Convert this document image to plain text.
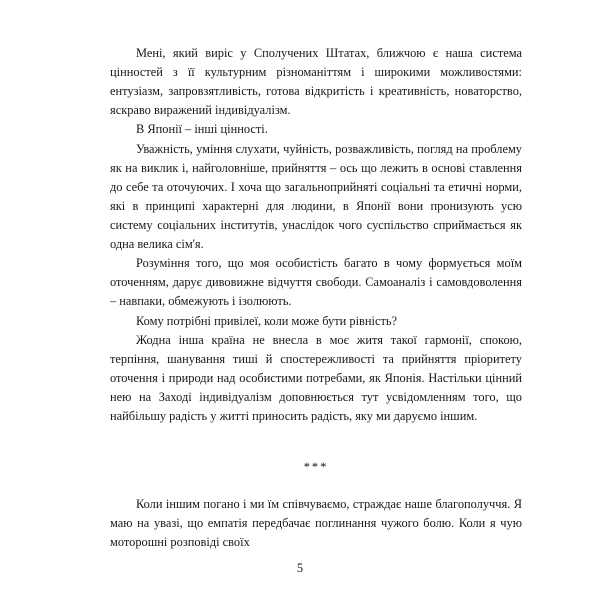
Мені, який виріс у Сполучених Штатах, ближчою є наша система цінностей з її культурним різноманіттям і широкими можливостями: ентузіазм, запровзятливість, готова відкритість і креативність, новаторство, яскраво виражений індивідуалізм.

В Японії – інші цінності.

Уважність, уміння слухати, чуйність, розважливість, погляд на проблему як на виклик і, найголовніше, прийняття – ось що лежить в основі ставлення до себе та оточуючих. І хоча що загальноприйняті соціальні та етичні норми, які в принципі характерні для людини, в Японії вони пронизують усю систему соціальних інститутів, унаслідок чого суспільство сприймається як одна велика сім'я.

Розуміння того, що моя особистість багато в чому формується моїм оточенням, дарує дивовижне відчуття свободи. Самоаналіз і самовдоволення – навпаки, обмежують і ізолюють.

Кому потрібні привілеї, коли може бути рівність?

Жодна інша країна не внесла в моє житя такої гармонії, спокою, терпіння, шанування тиші й спостережливості та прийняття пріоритету оточення і природи над особистими потребами, як Японія. Настільки цінний нею на Заході індивідуалізм доповнюється тут усвідомленням того, що найбільшу радість у житті приносить радість, яку ми даруємо іншим.

***

Коли іншим погано і ми їм співчуваємо, страждає наше благополуччя. Я маю на увазі, що емпатія передбачає поглинання чужого болю. Коли я чую моторошні розповіді своїх

5
